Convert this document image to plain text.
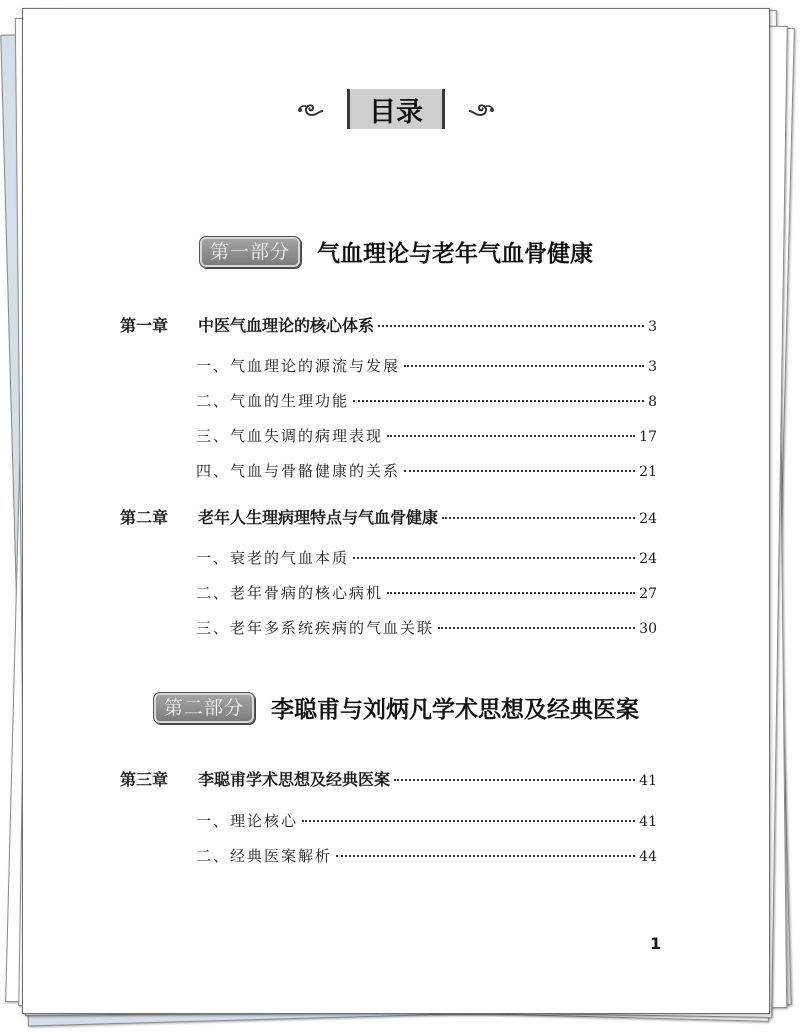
目录
第一部分	气血理论与老年气血骨健康
第一章	中医气血理论的核心体系	3
一、气血理论的源流与发展	3
二、气血的生理功能	8
三、气血失调的病理表现	17
四、气血与骨骼健康的关系	21
第二章	老年人生理病理特点与气血骨健康	24
一、衰老的气血本质	24
二、老年骨病的核心病机	27
三、老年多系统疾病的气血关联	30
第二部分	李聪甫与刘炳凡学术思想及经典医案
第三章	李聪甫学术思想及经典医案	41
一、理论核心	41
二、经典医案解析	44
1
